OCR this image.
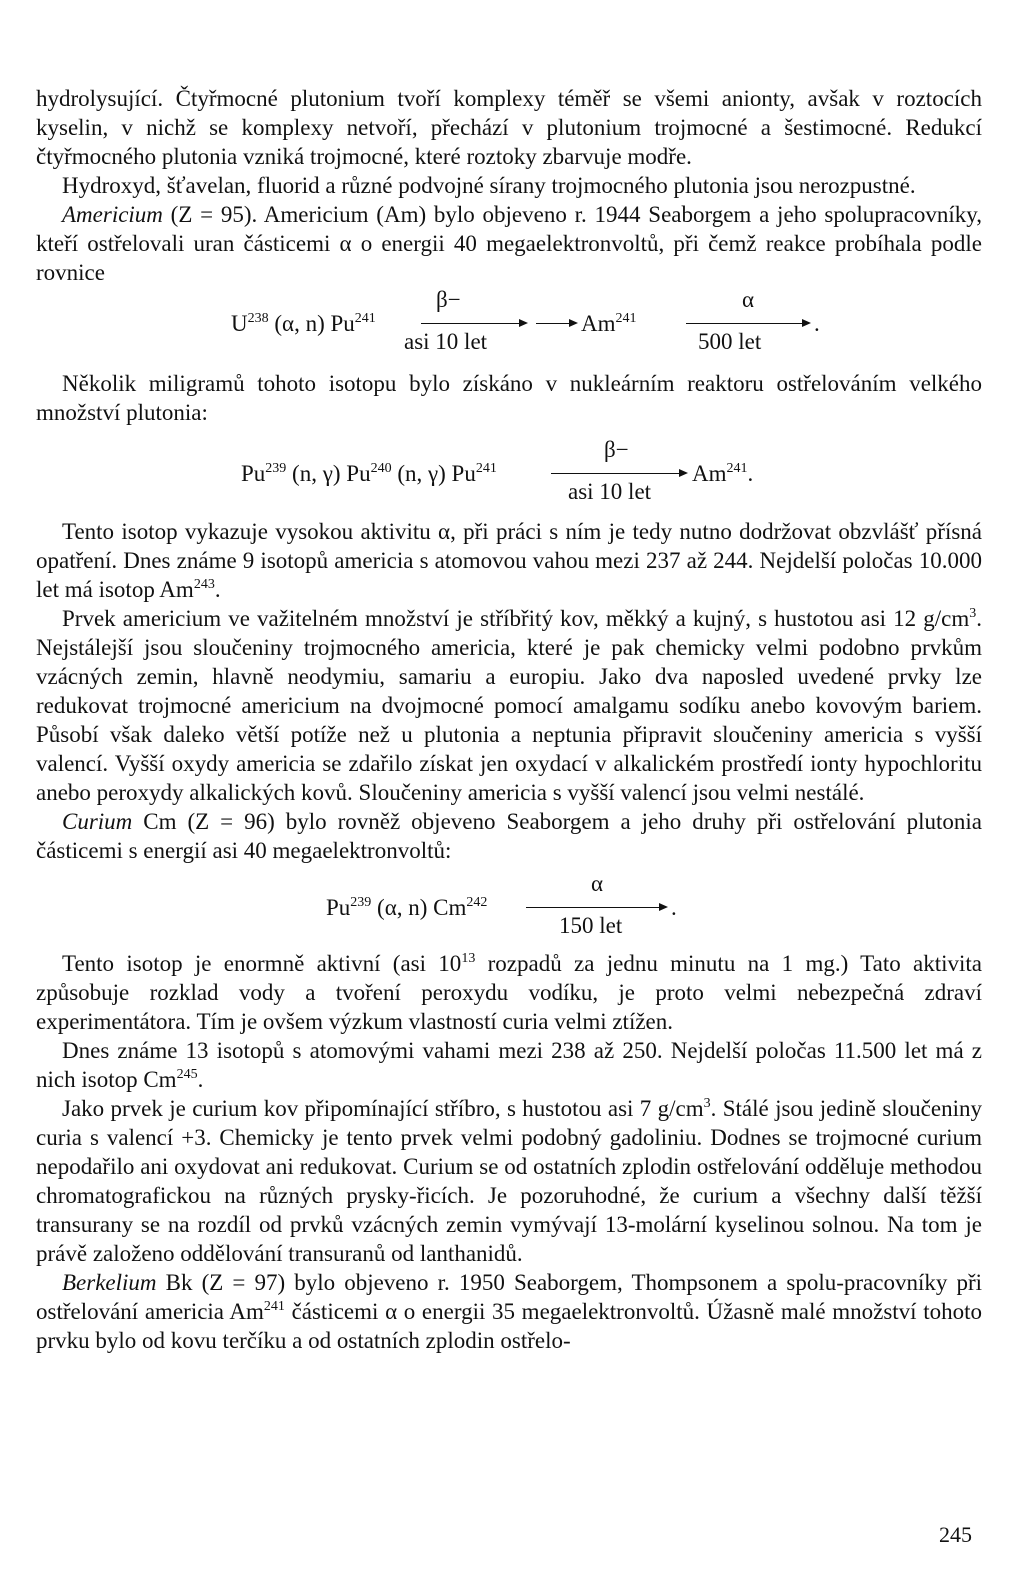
hydrolysující. Čtyřmocné plutonium tvoří komplexy téměř se všemi anionty, avšak v roztocích kyselin, v nichž se komplexy netvoří, přechází v plutonium trojmocné a šestimocné. Redukcí čtyřmocného plutonia vzniká trojmocné, které roztoky zbarvuje modře.

Hydroxyd, šťavelan, fluorid a různé podvojné sírany trojmocného plutonia jsou nerozpustné.

Americium (Z = 95). Americium (Am) bylo objeveno r. 1944 Seaborgem a jeho spolupracovníky, kteří ostřelovali uran částicemi α o energii 40 megaelektronvoltů, při čemž reakce probíhala podle rovnice

$U^{238}$ (α, n) Pu$^{241}$
β−
asi 10 let
Am$^{241}$
α
.
500 let

Několik miligramů tohoto isotopu bylo získáno v nukleárním reaktoru ostřelováním velkého množství plutonia:

Pu$^{239}$ (n, γ) Pu$^{240}$ (n, γ) Pu$^{241}$
β−
asi 10 let
Am$^{241}$.

Tento isotop vykazuje vysokou aktivitu α, při práci s ním je tedy nutno dodržovat obzvlášť přísná opatření. Dnes známe 9 isotopů americia s atomovou vahou mezi 237 až 244. Nejdelší poločas 10.000 let má isotop Am$^{243}$.

Prvek americium ve važitelném množství je stříbřitý kov, měkký a kujný, s hustotou asi 12 $g/cm^3$. Nejstálejší jsou sloučeniny trojmocného americia, které je pak chemicky velmi podobno prvkům vzácných zemin, hlavně neodymiu, samariu a europiu. Jako dva naposled uvedené prvky lze redukovat trojmocné americium na dvojmocné pomocí amalgamu sodíku anebo kovovým bariem. Působí však daleko větší potíže než u plutonia a neptunia připravit sloučeniny americia s vyšší valencí. Vyšší oxydy americia se zdařilo získat jen oxydací v alkalickém prostředí ionty hypochloritu anebo peroxydy alkalických kovů. Sloučeniny americia s vyšší valencí jsou velmi nestálé.

Curium Cm (Z = 96) bylo rovněž objeveno Seaborgem a jeho druhy při ostřelování plutonia částicemi s energií asi 40 megaelektronvoltů:

Pu$^{239}$ (α, n) Cm$^{242}$
α
.
150 let

Tento isotop je enormně aktivní (asi $10^{13}$ rozpadů za jednu minutu na 1 mg.) Tato aktivita způsobuje rozklad vody a tvoření peroxydu vodíku, je proto velmi nebezpečná zdraví experimentátora. Tím je ovšem výzkum vlastností curia velmi ztížen.

Dnes známe 13 isotopů s atomovými vahami mezi 238 až 250. Nejdelší poločas 11.500 let má z nich isotop Cm$^{245}$.

Jako prvek je curium kov připomínající stříbro, s hustotou asi 7 $g/cm^3$. Stálé jsou jedině sloučeniny curia s valencí +3. Chemicky je tento prvek velmi podobný gadoliniu. Dodnes se trojmocné curium nepodařilo ani oxydovat ani redukovat. Curium se od ostatních zplodin ostřelování odděluje methodou chromatografickou na různých prysky-řicích. Je pozoruhodné, že curium a všechny další těžší transurany se na rozdíl od prvků vzácných zemin vymývají 13-molární kyselinou solnou. Na tom je právě založeno oddělování transuranů od lanthanidů.

Berkelium Bk (Z = 97) bylo objeveno r. 1950 Seaborgem, Thompsonem a spolu-pracovníky při ostřelování americia Am$^{241}$ částicemi α o energii 35 megaelektronvoltů. Úžasně malé množství tohoto prvku bylo od kovu terčíku a od ostatních zplodin ostřelo-

245
